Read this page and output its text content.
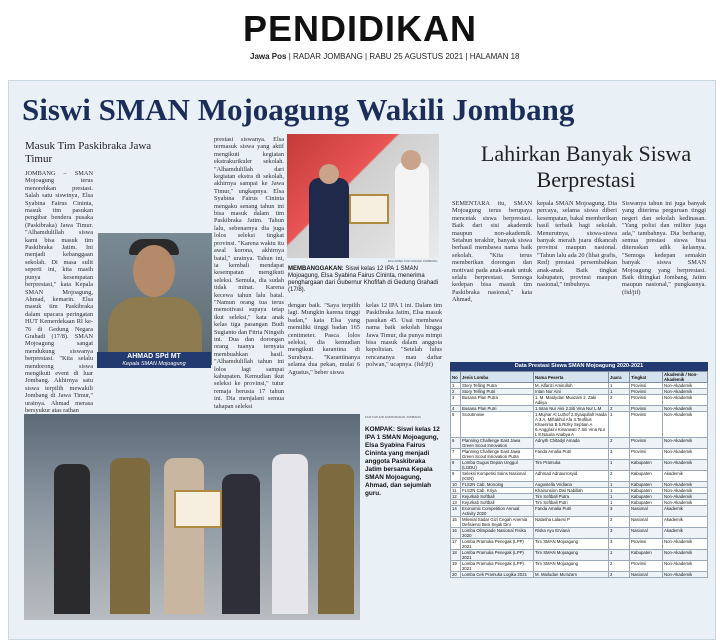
PENDIDIKAN
Jawa Pos | RADAR JOMBANG | RABU 25 AGUSTUS 2021 | HALAMAN 18
Siswi SMAN Mojoagung Wakili Jombang
Masuk Tim Paskibraka Jawa Timur

JOMBANG – SMAN Mojoagung terus menorehkan prestasi. Salah satu siswinya, Elsa Syabina Fairus Cininta, masuk tim pasukan pengibar bendera pusaka (Paskibraka) Jawa Timur. "Alhamdulillah siswa kami bisa masuk tim Paskibraka Jatim. Ini menjadi kebanggaan sekolah. Di masa sulit seperti ini, kita masih punya kesempatan berprestasi," kata Kepala SMAN Mojoagung, Ahmad, kemarin. Elsa masuk tim Paskibraka dalam upacara peringatan HUT Kemerdekaan RI ke-76 di Gedung Negara Grahadi (17/8). SMAN Mojoagung sangat mendukung siswanya berprestasi. "Kita selalu mendorong siswa mengikuti event di luar Jombang. Akhirnya satu siswa terpilih mewakili Jombang di Jawa Timur," urainya. Ahmad merasa bersyukur atas raihan

prestasi siswanya. Elsa termasuk siswa yang aktif mengikuti kegiatan ekstrakurikuler sekolah. "Alhamdulillah dari kegiatan ekstra di sekolah, akhirnya sampai ke Jawa Timur," ungkapnya. Elsa Syabina Fairus Cininta mengaku senang tahun ini bisa masuk dalam tim Paskibraka Jatim. Tahun lalu, sebenarnya dia juga lolos seleksi tingkat provinsi. "Karena waktu itu awal korona, akhirnya batal," urainya. Tahun ini, ia kembali mendapat kesempatan mengikuti seleksi. Semula, dia sudah tidak minat. Karena kecewa tahun lalu batal. "Namun orang tua terus memotivasi supaya tetap ikut seleksi," kata anak kelas tiga pasangan Budi Sugianto dan Fitria Ningsih ini. Dua dan dorongan orang tuanya ternyata membuahkan hasil. "Alhamdulillah tahun ini lolos lagi sampai kabupaten. Kemudian ikut seleksi ke provinsi," tutur remaja berusia 17 tahun ini. Dia menjalani semua tahapan seleksi

AHMAD SPd MT
Kepala SMAN Mojoagung
EKA ARIEF FOR RADAR JOMBANG
MEMBANGGAKAN: Siswi kelas 12 IPA 1 SMAN Mojoagung, Elsa Syabina Fairus Cininta, menerima penghargaan dari Gubernur Khofifah di Gedung Grahadi (17/8).

dengan baik. "Saya terpilih lagi. Mungkin karena tinggi badan," kata Elsa yang memiliki tinggi badan 165 centimeter. Pasca lolos seleksi, dia kemudian mengikuti karantina di Surabaya. "Karantinanya selama dua pekan, mulai 6 Agustus," beber siswa

kelas 12 IPA 1 ini. Dalam tim Paskibraka Jatim, Elsa masuk pasukan 45. Usai membawa nama baik sekolah hingga Jawa Timur, dia punya mimpi bisa masuk dalam anggota kepolisian. "Setelah lulus rencananya mau daftar polwan," ucapnya. (fid/jif)

FAIZ FATHUR ANDRI/RADAR JOMBANG
KOMPAK: Siswi kelas 12 IPA 1 SMAN Mojoagung, Elsa Syabina Fairus Cininta yang menjadi anggota Paskibraka Jatim bersama Kepala SMAN Mojoagung, Ahmad, dan sejumlah guru.
Lahirkan Banyak Siswa Berprestasi

SEMENTARA itu, SMAN Mojoagung terus berupaya mencetak siswa berprestasi. Baik dari sisi akademik maupun non-akademik. Setahun terakhir, banyak siswa berhasil membawa nama baik sekolah. "Kita terus memberikan dorongan dan motivasi pada anak-anak untuk selalu berprestasi. Semoga kedepan bisa masuk tim Paskibraka nasional," kata Ahmad,

kepala SMAN Mojoagung. Dia percaya, selama siswa diberi kesempatan, bakal memberikan hasil terbaik bagi sekolah. Menurutnya, siswa-siswa banyak meraih juara dikancah provinsi maupun nasional. "Tahun lalu ada 20 (lihat grafis, Red) prestasi persembahkan anak-anak. Baik tingkat kabupaten, provinsi maupun nasional," imbuhnya.

Siswanya tahun ini juga banyak yang diterima perguruan tinggi negeri dan sekolah kedinasan. "Yang polisi dan militer juga ada," tambahnya. Dia berharap, semua prestasi siswa bisa diteruskan adik kelasnya. "Semoga kedepan semakin banyak siswa SMAN Mojoagung yang berprestasi. Baik ditingkat Jombang, Jatim maupun nasional," pungkasnya. (fid/jif)

Data Prestasi Siswa SMAN Mojoagung 2020-2021
No	Jenis Lomba	Nama Peserta	Juara	Tingkat	Akademik / Non-Akademik
1	Story Telling Putra	M. Alfarizi Amirulloh	1	Provinsi	Non-Akademik
2	Story Telling Putri	Intan Nur Aini	1	Provinsi	Non-Akademik
3	Busana Plan Putra	1. M. Maulydan Muazam 2. Zaki Adiiya	2	Provinsi	Non-Akademik
4	Busana Plan Putri	1.Intan Nur Aini 2.Siti Vina Nur L.M	2	Provinsi	Non-Akademik
5	Scoutmovie	1.Mujnar Al Luthof 2.Syaiqullah Haida A 3.A. Miftakhul Afa 4.Teofilus Khaerima B 5.Rizky Septian A 6.Anggraini Kinanwati 7.Siti Vina Nur L 8.Nauria Anabya A	1	Provinsi	Non-Akademik
6	Planning Challenge East Jawa Green Scout Innovation	Adnyth Chitadyl Amada	2	Provinsi	Non-Akademik
7	Planning Challenge East Jawa Green Scout Innovation Putra	Fanda Amalia Putri	3	Provinsi	Non-Akademik
8	Lomba Gugus Depan Unggul (LGDU)	Tim Pramuka	1	Kabupaten	Non-Akademik
9	Seleksi Kompetisi Sains Nasional (KSN)	Adhmad Adnaurrosyid	2	Kabupaten	Akademik
10	FLS2N Cab. Monolog	Augustella Vridiana	1	Kabupaten	Non-Akademik
11	FLS2N Cab. Kriya	Khairunsinn Dwi Nabillah	1	Kabupaten	Non-Akademik
12	Kejurkab Softball	Tim Softball Putra	1	Kabupaten	Non-Akademik
13	Kejurkab Softball	Tim Softball Putri	1	Kabupaten	Non-Akademik
14	Economic Competition Annual Activity 2020	Fanda Amalia Putri	3	Nasional	Akademik
15	Milenial Sadar Gizi Cegah Anemia Defisiensi Besi Sejak Dini	Natasha Lalaesi P	2	Nasional	Akademik
16	Lomba Olimpiade Nasional Fisika 2020	Riska Ayu Erviana	3	Nasional	Akademik
17	Lomba Pramuka Penegak (LPP) 2021	Tim SMAN Mojoagung	3	Provinsi	Non-Akademik
18	Lomba Pramuka Penegak (LPP) 2021	Tim SMAN Mojoagung	1	Kabupaten	Non-Akademik
19	Lomba Pramuka Penegak (LPP) 2021	Tim SMAN Mojoagung	2	Provinsi	Non-Akademik
20	Lomba Cek Pramuka Logika 2021	M. Mailudan Mu'azam	2	Nasional	Non-Akademik
